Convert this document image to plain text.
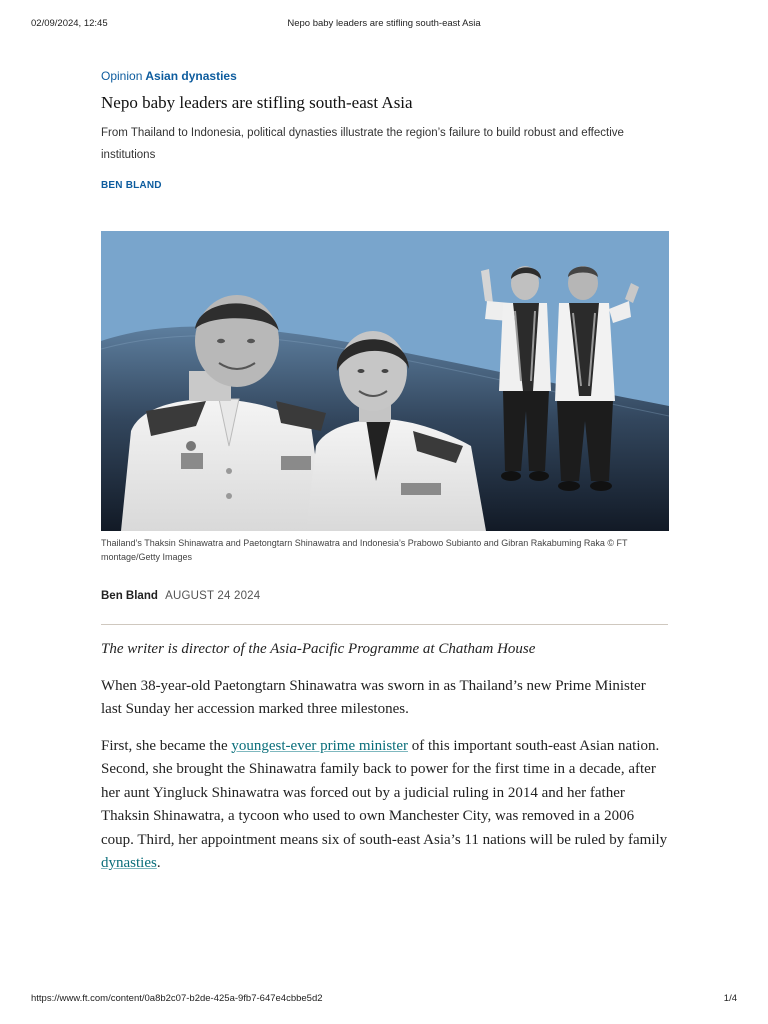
02/09/2024, 12:45	Nepo baby leaders are stifling south-east Asia

Opinion Asian dynasties

Nepo baby leaders are stifling south-east Asia

From Thailand to Indonesia, political dynasties illustrate the region’s failure to build robust and effective institutions

BEN BLAND

Thailand’s Thaksin Shinawatra and Paetongtarn Shinawatra and Indonesia’s Prabowo Subianto and Gibran Rakabuming Raka © FT montage/Getty Images
Ben Bland AUGUST 24 2024

The writer is director of the Asia-Pacific Programme at Chatham House

When 38-year-old Paetongtarn Shinawatra was sworn in as Thailand’s new Prime Minister last Sunday her accession marked three milestones.

First, she became the youngest-ever prime minister of this important south-east Asian nation. Second, she brought the Shinawatra family back to power for the first time in a decade, after her aunt Yingluck Shinawatra was forced out by a judicial ruling in 2014 and her father Thaksin Shinawatra, a tycoon who used to own Manchester City, was removed in a 2006 coup. Third, her appointment means six of south-east Asia’s 11 nations will be ruled by family dynasties.

https://www.ft.com/content/0a8b2c07-b2de-425a-9fb7-647e4cbbe5d2	1/4
